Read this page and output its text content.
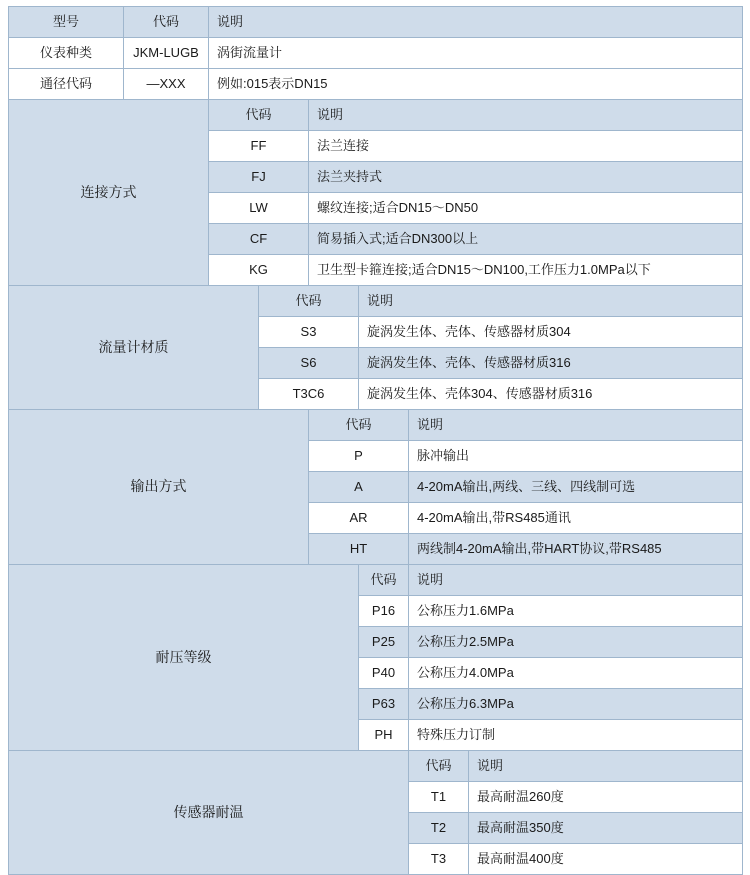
型号	代码	说明					
仪表种类	JKM-LUGB	涡街流量计					
通径代码	—XXX	例如:015表示DN15					
连接方式		代码		说明			
		FF		法兰连接			
		FJ		法兰夹持式			
		LW		螺纹连接;适合DN15～DN50			
		CF		简易插入式;适合DN300以上			
		KG		卫生型卡箍连接;适合DN15～DN100,工作压力1.0MPa以下			
流量计材质			代码		说明		
			S3		旋涡发生体、壳体、传感器材质304		
			S6		旋涡发生体、壳体、传感器材质316		
			T3C6		旋涡发生体、壳体304、传感器材质316		
输出方式				代码		说明	
				P		脉冲输出	
				A		4-20mA输出,两线、三线、四线制可选	
				AR		4-20mA输出,带RS485通讯	
				HT		两线制4-20mA输出,带HART协议,带RS485	
耐压等级					代码	说明	
					P16	公称压力1.6MPa	
					P25	公称压力2.5MPa	
					P40	公称压力4.0MPa	
					P63	公称压力6.3MPa	
					PH	特殊压力订制	
传感器耐温						代码	说明
						T1	最高耐温260度
						T2	最高耐温350度
						T3	最高耐温400度
